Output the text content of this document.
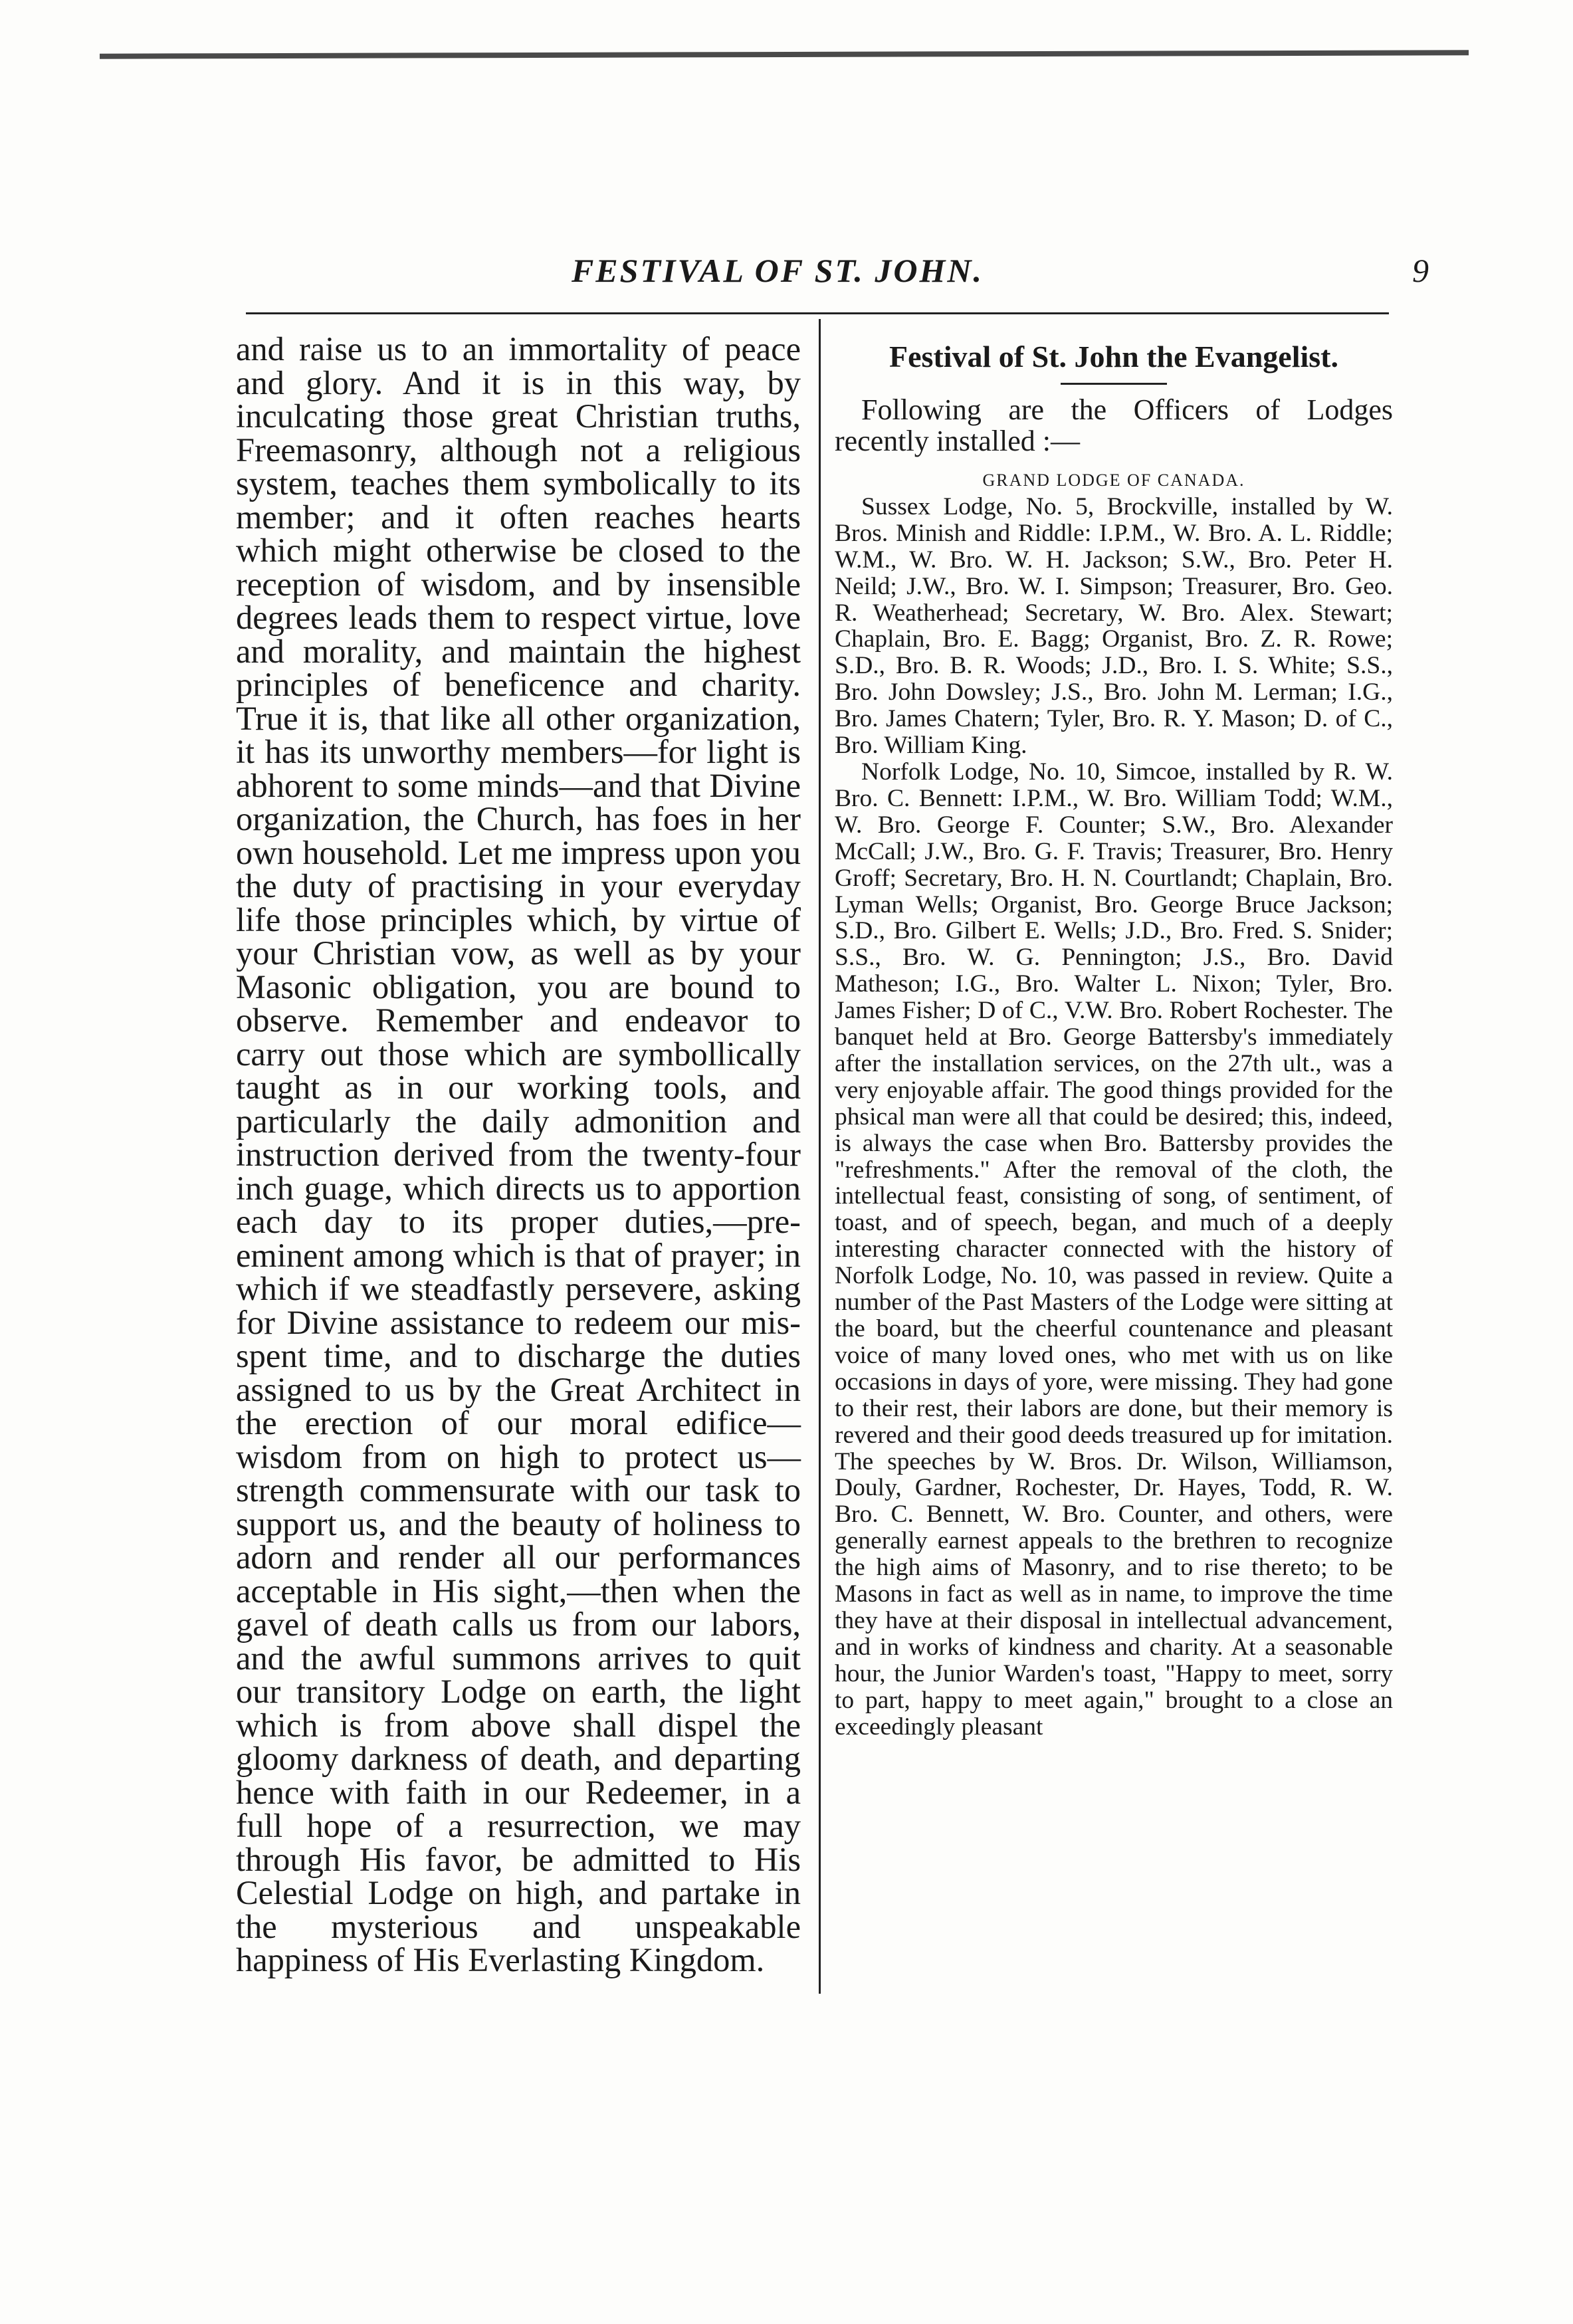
FESTIVAL OF ST. JOHN.	9
and raise us to an immortality of peace and glory. And it is in this way, by inculcating those great Christian truths, Freemasonry, although not a religious system, teaches them symbolically to its member; and it often reaches hearts which might otherwise be closed to the reception of wisdom, and by insensible degrees leads them to respect virtue, love and morality, and maintain the highest principles of beneficence and charity. True it is, that like all other organization, it has its unworthy members—for light is abhorent to some minds—and that Divine organization, the Church, has foes in her own household. Let me impress upon you the duty of practising in your everyday life those principles which, by virtue of your Christian vow, as well as by your Masonic obligation, you are bound to observe. Remember and endeavor to carry out those which are symbollically taught as in our working tools, and particularly the daily admonition and instruction derived from the twenty-four inch guage, which directs us to apportion each day to its proper duties,—pre-eminent among which is that of prayer; in which if we steadfastly persevere, asking for Divine assistance to redeem our mis-spent time, and to discharge the duties assigned to us by the Great Architect in the erection of our moral edifice—wisdom from on high to protect us—strength commensurate with our task to support us, and the beauty of holiness to adorn and render all our performances acceptable in His sight,—then when the gavel of death calls us from our labors, and the awful summons arrives to quit our transitory Lodge on earth, the light which is from above shall dispel the gloomy darkness of death, and departing hence with faith in our Redeemer, in a full hope of a resurrection, we may through His favor, be admitted to His Celestial Lodge on high, and partake in the mysterious and unspeakable happiness of His Everlasting Kingdom.
Festival of St. John the Evangelist.

Following are the Officers of Lodges recently installed :—

GRAND LODGE OF CANADA.

Sussex Lodge, No. 5, Brockville, installed by W. Bros. Minish and Riddle: I.P.M., W. Bro. A. L. Riddle; W.M., W. Bro. W. H. Jackson; S.W., Bro. Peter H. Neild; J.W., Bro. W. I. Simpson; Treasurer, Bro. Geo. R. Weatherhead; Secretary, W. Bro. Alex. Stewart; Chaplain, Bro. E. Bagg; Organist, Bro. Z. R. Rowe; S.D., Bro. B. R. Woods; J.D., Bro. I. S. White; S.S., Bro. John Dowsley; J.S., Bro. John M. Lerman; I.G., Bro. James Chatern; Tyler, Bro. R. Y. Mason; D. of C., Bro. William King.

Norfolk Lodge, No. 10, Simcoe, installed by R. W. Bro. C. Bennett: I.P.M., W. Bro. William Todd; W.M., W. Bro. George F. Counter; S.W., Bro. Alexander McCall; J.W., Bro. G. F. Travis; Treasurer, Bro. Henry Groff; Secretary, Bro. H. N. Courtlandt; Chaplain, Bro. Lyman Wells; Organist, Bro. George Bruce Jackson; S.D., Bro. Gilbert E. Wells; J.D., Bro. Fred. S. Snider; S.S., Bro. W. G. Pennington; J.S., Bro. David Matheson; I.G., Bro. Walter L. Nixon; Tyler, Bro. James Fisher; D of C., V.W. Bro. Robert Rochester. The banquet held at Bro. George Battersby's immediately after the installation services, on the 27th ult., was a very enjoyable affair. The good things provided for the phsical man were all that could be desired; this, indeed, is always the case when Bro. Battersby provides the "refreshments." After the removal of the cloth, the intellectual feast, consisting of song, of sentiment, of toast, and of speech, began, and much of a deeply interesting character connected with the history of Norfolk Lodge, No. 10, was passed in review. Quite a number of the Past Masters of the Lodge were sitting at the board, but the cheerful countenance and pleasant voice of many loved ones, who met with us on like occasions in days of yore, were missing. They had gone to their rest, their labors are done, but their memory is revered and their good deeds treasured up for imitation. The speeches by W. Bros. Dr. Wilson, Williamson, Douly, Gardner, Rochester, Dr. Hayes, Todd, R. W. Bro. C. Bennett, W. Bro. Counter, and others, were generally earnest appeals to the brethren to recognize the high aims of Masonry, and to rise thereto; to be Masons in fact as well as in name, to improve the time they have at their disposal in intellectual advancement, and in works of kindness and charity. At a seasonable hour, the Junior Warden's toast, "Happy to meet, sorry to part, happy to meet again," brought to a close an exceedingly pleasant
